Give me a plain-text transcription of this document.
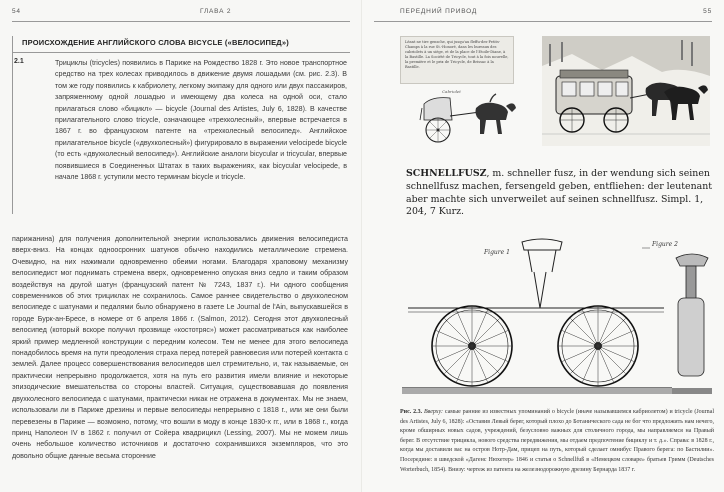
54	ГЛАВА 2
ПРОИСХОЖДЕНИЕ АНГЛИЙСКОГО СЛОВА BICYCLE («ВЕЛОСИПЕД»)
2.1	Трициклы (tricycles) появились в Париже на Рождество 1828 г. Это новое транспортное средство на трех колесах приводилось в движение двумя лошадьми (см. рис. 2.3). В том же году появились к кабриолету, легкому экипажу для одного или двух пассажиров, запряженному одной лошадью и имеющему два колеса на одной оси, стало прилагаться слово «бицикл» — bicycle (Journal des Artistes, July 6, 1828). В качестве прилагательного слово tricycle, означающее «трехколесный», впервые встречается в 1867 г. во французском патенте на «трехколесный велосипед». Английское прилагательное bicycle («двухколесный») фигурировало в выражении velocipede bicycle (то есть «двухколесный велосипед»). Английские аналоги bicycular и tricycular, впервые появившиеся в Соединенных Штатах в таких выражениях, как bicycular velocipede, в начале 1868 г. уступили место терминам bicycle и tricycle.
парижанина) для получения дополнительной энергии использовались движения велосипедиста вверх-вниз. На концах одноосронних шатунов обычно находились металлические стремена. Очевидно, на них нажимали одновременно обеими ногами. Благодаря храповому механизму велосипедист мог поднимать стремена вверх, одновременно опуская вниз седло и таким образом воздействуя на другой шатун (французский патент № 7243, 1837 г.). Ни одного сообщения современников об этих трициклах не сохранилось. Самое раннее свидетельство о двухколесном велосипеде с шатунами и педалями было обнаружено в газете Le Journal de l'Ain, выпускавшейся в городе Бурк-ан-Бресе, в номере от 6 апреля 1866 г. (Salmon, 2012). Сегодня этот двухколесный велосипед (который вскоре получил прозвище «костотряс») может рассматриваться как наиболее яркий пример медленной конструкции с передним колесом. Тем не менее для этого велосипеда понадобилось время на пути преодоления страха перед потерей равновесия или потерей контакта с землей. Далее процесс совершенствования велосипедов шел стремительно, и, так называемые, он практически непрерывно продолжается, хотя на путь его развития имели влияние и некоторые эпизодические вмешательства со стороны властей. Ситуация, существовавшая до появления двухколесного велосипеда с шатунами, практически никак не отражена в документах. Мы не знаем, использовали ли в Париже дрезины и первые велосипеды непрерывно с 1818 г., или же они были перевезены в Париже — возможно, потому, что вошли в моду в конце 1830-х гг., или в 1868 г., когда принц Наполеон IV в 1862 г. получил от Сойера квадрицикл (Lessing, 2007). Мы не можем лишь очень небольшое количество источников и достаточно сохранившихся экземпляров, что это довольно общие данные весьма сторонние
ПЕРЕДНИЙ ПРИВОД	55

Léant ne tire gensche, qui jusqu'au fleffu-des-Petits-Champs à la rue St.-Honoré, dans les bureaux des cabriolets à un siège, et de la place de l'Etoile-Diane, à la Bastille. La Société de Tricycle, tout à la fois nouvelle, la première et le prix de Tricycle, de Brissac à la Bastille.

Cabriolet
SCHNELLFUSZ, m. schneller fusz, in der wendung sich seinen schnellfusz machen, fersengeld geben, entfliehen: der leutenant aber machte sich unverweilet auf seinen schnellfusz. Simpl. 1, 204, 7 Kurz.
Figure 1
Figure 2
Рис. 2.3. Вверху: самые ранние из известных упоминаний о bicycle (иначе называвшемся кабриолетом) и tricycle (Journal des Artistes, July 6, 1828): «Оставив Левый берег, который плохо до Ботанического сада не бог что предложить нам нечего, кроме обширных новых садов, учреждений, безусловно важных для столичного города, мы направляемся на Правый берег. В отсутствие трицикла, нового средства передвижения, мы отдаем предпочтение бициклу и т. д.». Справа: в 1828 г., когда мы доставили вас на остров Нотр-Дам, прицеп на путь, который сделает омнибус Правого берега: по Бастилии». Посередине: в шведской «Дагенс Нюхетер» 1846 и статья о Schnellfuß в «Немецком словаре» братьев Гримм (Deutsches Worterbuch, 1854). Внизу: чертеж из патента на железнодорожную дрезину Бернарда 1837 г.
